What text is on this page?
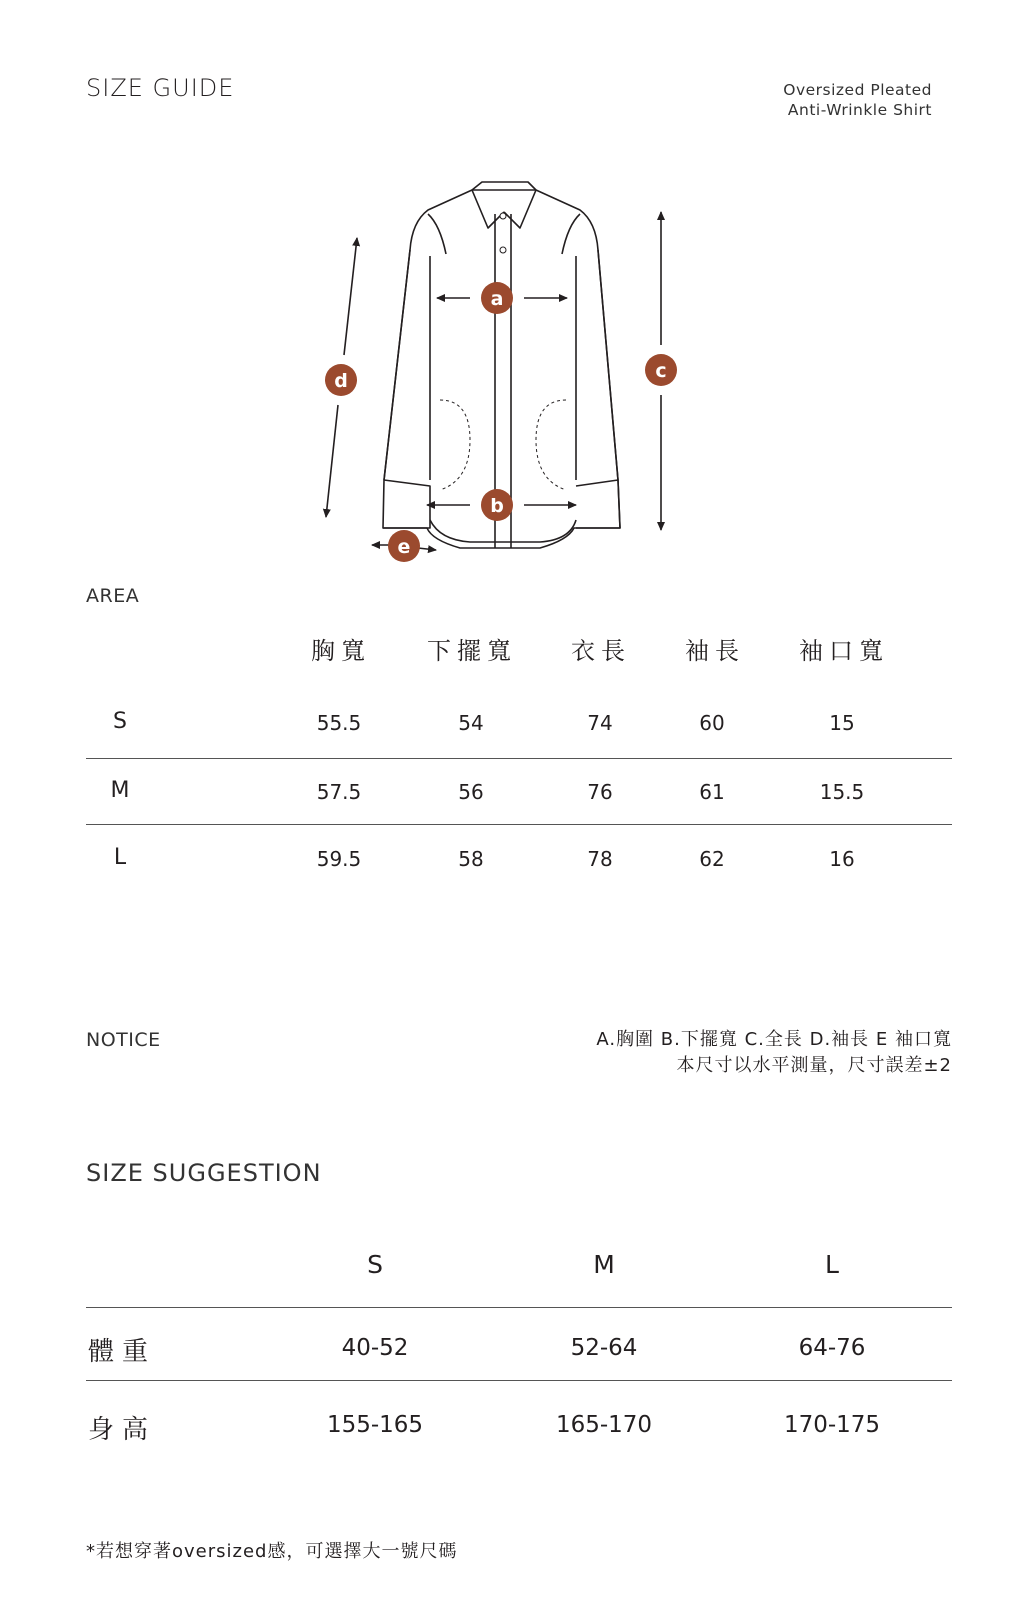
SIZE GUIDE	Oversized Pleated
Anti-Wrinkle Shirt
a
b
c
d
e
AREA
胸寬 下擺寬 衣長 袖長 袖口寬
S	55.5	54	74	60	15
M	57.5	56	76	61	15.5
L	59.5	58	78	62	16
NOTICE	A.胸圍 B.下擺寬 C.全長 D.袖長 E 袖口寬
本尺寸以水平測量，尺寸誤差±2
SIZE SUGGESTION
S	M	L
體重	40-52	52-64	64-76
身高	155-165	165-170	170-175
*若想穿著oversized感，可選擇大一號尺碼
